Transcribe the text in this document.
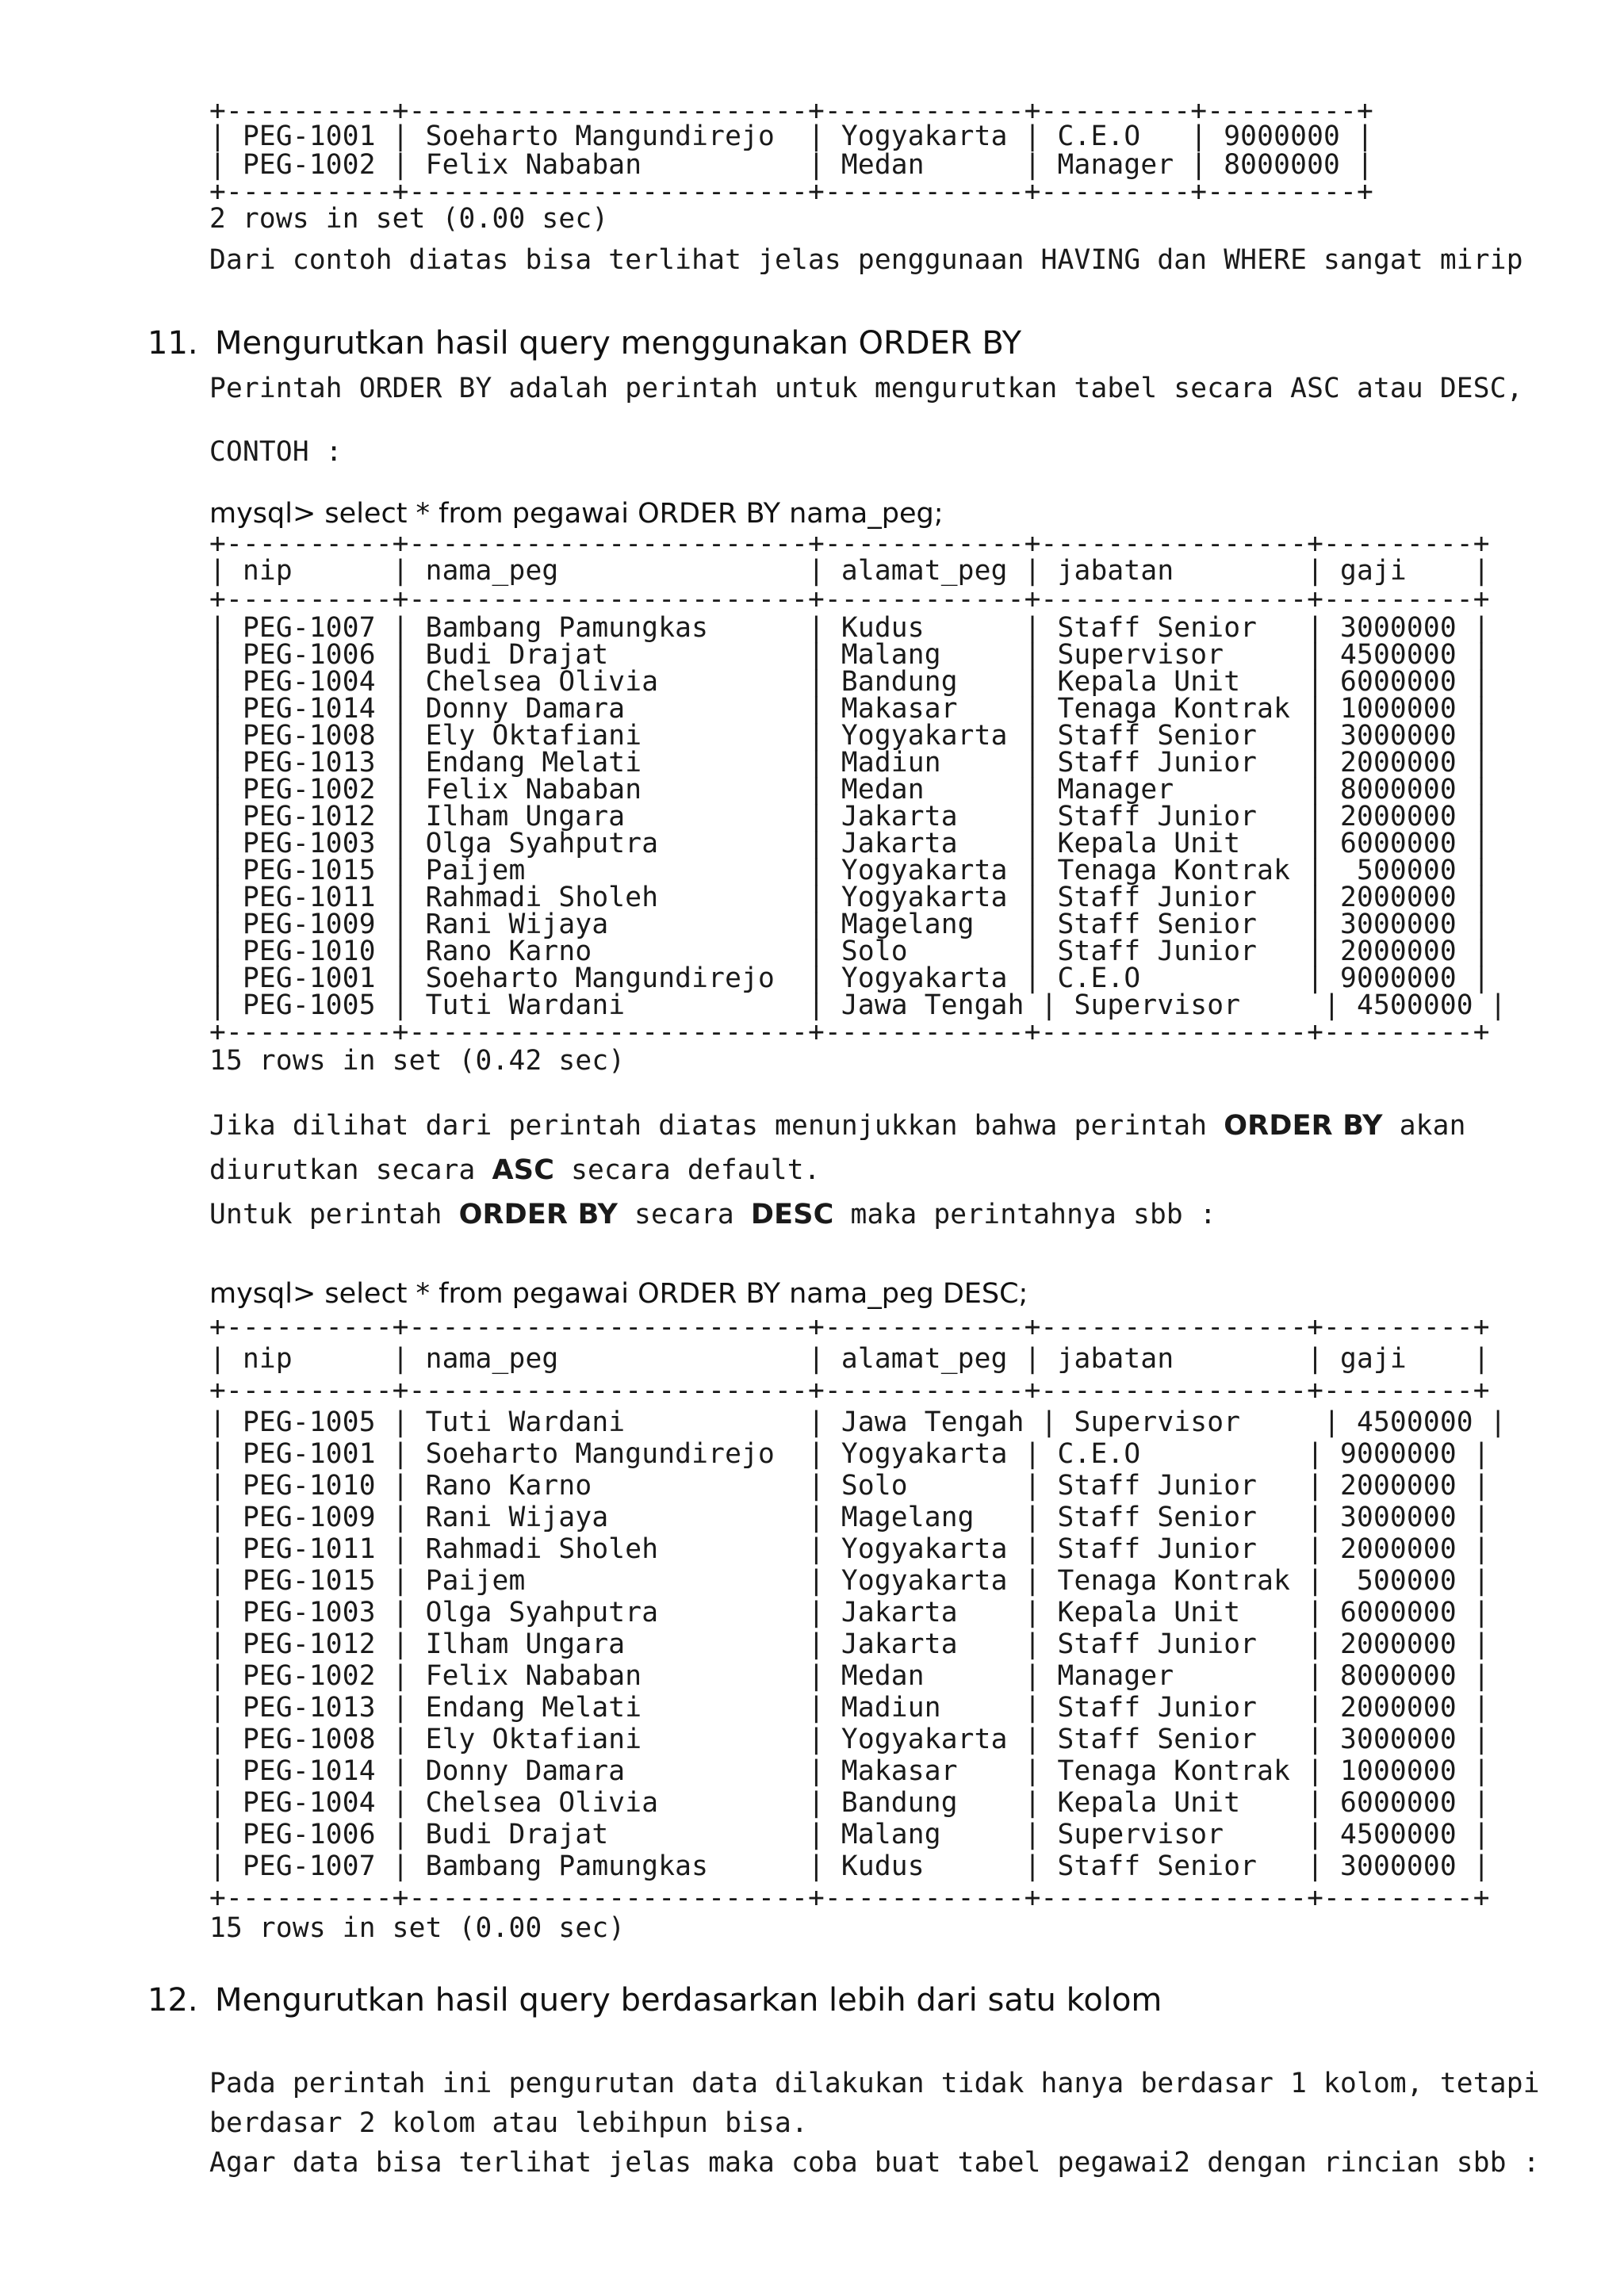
+----------+------------------------+------------+---------+---------+
| PEG-1001 | Soeharto Mangundirejo  | Yogyakarta | C.E.O   | 9000000 |
| PEG-1002 | Felix Nababan          | Medan      | Manager | 8000000 |
+----------+------------------------+------------+---------+---------+
2 rows in set (0.00 sec)
Dari contoh diatas bisa terlihat jelas penggunaan HAVING dan WHERE sangat mirip
11. Mengurutkan hasil query menggunakan ORDER BY
Perintah ORDER BY adalah perintah untuk mengurutkan tabel secara ASC atau DESC,
CONTOH :
mysql> select * from pegawai ORDER BY nama_peg;
+----------+------------------------+------------+----------------+---------+
| nip      | nama_peg               | alamat_peg | jabatan        | gaji    |
+----------+------------------------+------------+----------------+---------+
| PEG-1007 | Bambang Pamungkas      | Kudus      | Staff Senior   | 3000000 |
| PEG-1006 | Budi Drajat            | Malang     | Supervisor     | 4500000 |
| PEG-1004 | Chelsea Olivia         | Bandung    | Kepala Unit    | 6000000 |
| PEG-1014 | Donny Damara           | Makasar    | Tenaga Kontrak | 1000000 |
| PEG-1008 | Ely Oktafiani          | Yogyakarta | Staff Senior   | 3000000 |
| PEG-1013 | Endang Melati          | Madiun     | Staff Junior   | 2000000 |
| PEG-1002 | Felix Nababan          | Medan      | Manager        | 8000000 |
| PEG-1012 | Ilham Ungara           | Jakarta    | Staff Junior   | 2000000 |
| PEG-1003 | Olga Syahputra         | Jakarta    | Kepala Unit    | 6000000 |
| PEG-1015 | Paijem                 | Yogyakarta | Tenaga Kontrak |  500000 |
| PEG-1011 | Rahmadi Sholeh         | Yogyakarta | Staff Junior   | 2000000 |
| PEG-1009 | Rani Wijaya            | Magelang   | Staff Senior   | 3000000 |
| PEG-1010 | Rano Karno             | Solo       | Staff Junior   | 2000000 |
| PEG-1001 | Soeharto Mangundirejo  | Yogyakarta | C.E.O          | 9000000 |
| PEG-1005 | Tuti Wardani           | Jawa Tengah | Supervisor     | 4500000 |
+----------+------------------------+------------+----------------+---------+
15 rows in set (0.42 sec)
Jika dilihat dari perintah diatas menunjukkan bahwa perintah ORDER BY akan
diurutkan secara ASC secara default.
Untuk perintah ORDER BY secara DESC maka perintahnya sbb :
mysql> select * from pegawai ORDER BY nama_peg DESC;
+----------+------------------------+------------+----------------+---------+
| nip      | nama_peg               | alamat_peg | jabatan        | gaji    |
+----------+------------------------+------------+----------------+---------+
| PEG-1005 | Tuti Wardani           | Jawa Tengah | Supervisor     | 4500000 |
| PEG-1001 | Soeharto Mangundirejo  | Yogyakarta | C.E.O          | 9000000 |
| PEG-1010 | Rano Karno             | Solo       | Staff Junior   | 2000000 |
| PEG-1009 | Rani Wijaya            | Magelang   | Staff Senior   | 3000000 |
| PEG-1011 | Rahmadi Sholeh         | Yogyakarta | Staff Junior   | 2000000 |
| PEG-1015 | Paijem                 | Yogyakarta | Tenaga Kontrak |  500000 |
| PEG-1003 | Olga Syahputra         | Jakarta    | Kepala Unit    | 6000000 |
| PEG-1012 | Ilham Ungara           | Jakarta    | Staff Junior   | 2000000 |
| PEG-1002 | Felix Nababan          | Medan      | Manager        | 8000000 |
| PEG-1013 | Endang Melati          | Madiun     | Staff Junior   | 2000000 |
| PEG-1008 | Ely Oktafiani          | Yogyakarta | Staff Senior   | 3000000 |
| PEG-1014 | Donny Damara           | Makasar    | Tenaga Kontrak | 1000000 |
| PEG-1004 | Chelsea Olivia         | Bandung    | Kepala Unit    | 6000000 |
| PEG-1006 | Budi Drajat            | Malang     | Supervisor     | 4500000 |
| PEG-1007 | Bambang Pamungkas      | Kudus      | Staff Senior   | 3000000 |
+----------+------------------------+------------+----------------+---------+
15 rows in set (0.00 sec)
12. Mengurutkan hasil query berdasarkan lebih dari satu kolom
Pada perintah ini pengurutan data dilakukan tidak hanya berdasar 1 kolom, tetapi
berdasar 2 kolom atau lebihpun bisa.
Agar data bisa terlihat jelas maka coba buat tabel pegawai2 dengan rincian sbb :
